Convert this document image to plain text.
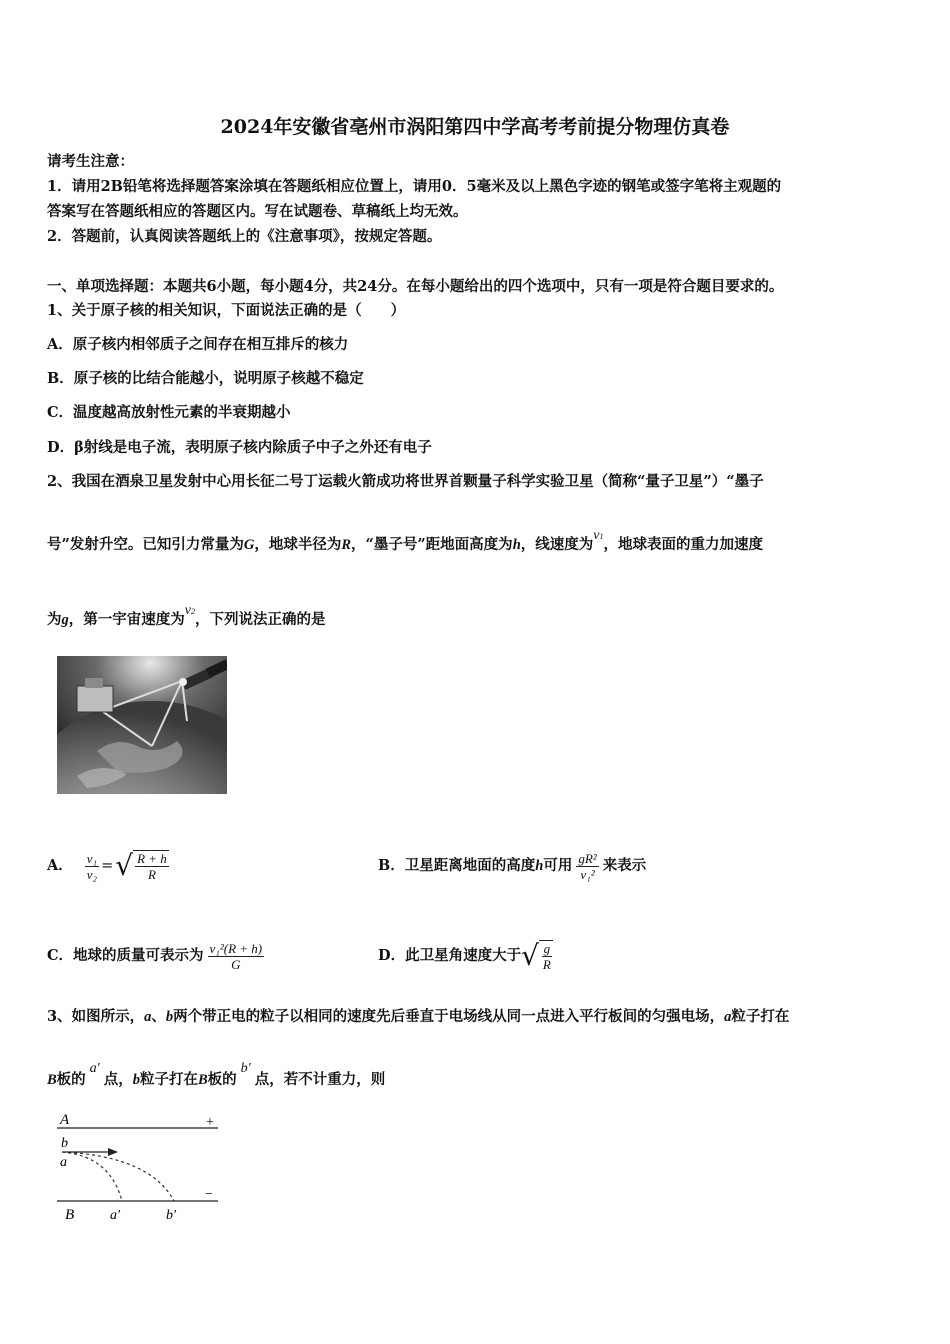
2024年安徽省亳州市涡阳第四中学高考考前提分物理仿真卷
请考生注意：
1．请用2B铅笔将选择题答案涂填在答题纸相应位置上，请用0．5毫米及以上黑色字迹的钢笔或签字笔将主观题的
答案写在答题纸相应的答题区内。写在试题卷、草稿纸上均无效。
2．答题前，认真阅读答题纸上的《注意事项》，按规定答题。
一、单项选择题：本题共6小题，每小题4分，共24分。在每小题给出的四个选项中，只有一项是符合题目要求的。
1、关于原子核的相关知识，下面说法正确的是（　　）
A．原子核内相邻质子之间存在相互排斥的核力
B．原子核的比结合能越小，说明原子核越不稳定
C．温度越高放射性元素的半衰期越小
D．β射线是电子流，表明原子核内除质子中子之外还有电子
2、我国在酒泉卫星发射中心用长征二号丁运载火箭成功将世界首颗量子科学实验卫星（简称“量子卫星”）“墨子
号”发射升空。已知引力常量为G，地球半径为R，“墨子号”距地面高度为h，线速度为v1，地球表面的重力加速度
为g，第一宇宙速度为v2，下列说法正确的是
A． $\frac{\text{v₁}}{\text{v₂}}$ = √ $\frac{R + h}{R}$	B．卫星距离地面的高度 h 可用 $\frac{\text{gR²}}{\text{v₁²}}$ 来表示
C．地球的质量可表示为 $\frac{\text{v₁²(R + h)}}{G}$	D．此卫星角速度大于 √ $\frac{g}{R}$
3、如图所示，a、b两个带正电的粒子以相同的速度先后垂直于电场线从同一点进入平行板间的匀强电场，a粒子打在
B板的a′点，b粒子打在B板的b′点，若不计重力，则
A	+
b
a
−
B	a′	b′
